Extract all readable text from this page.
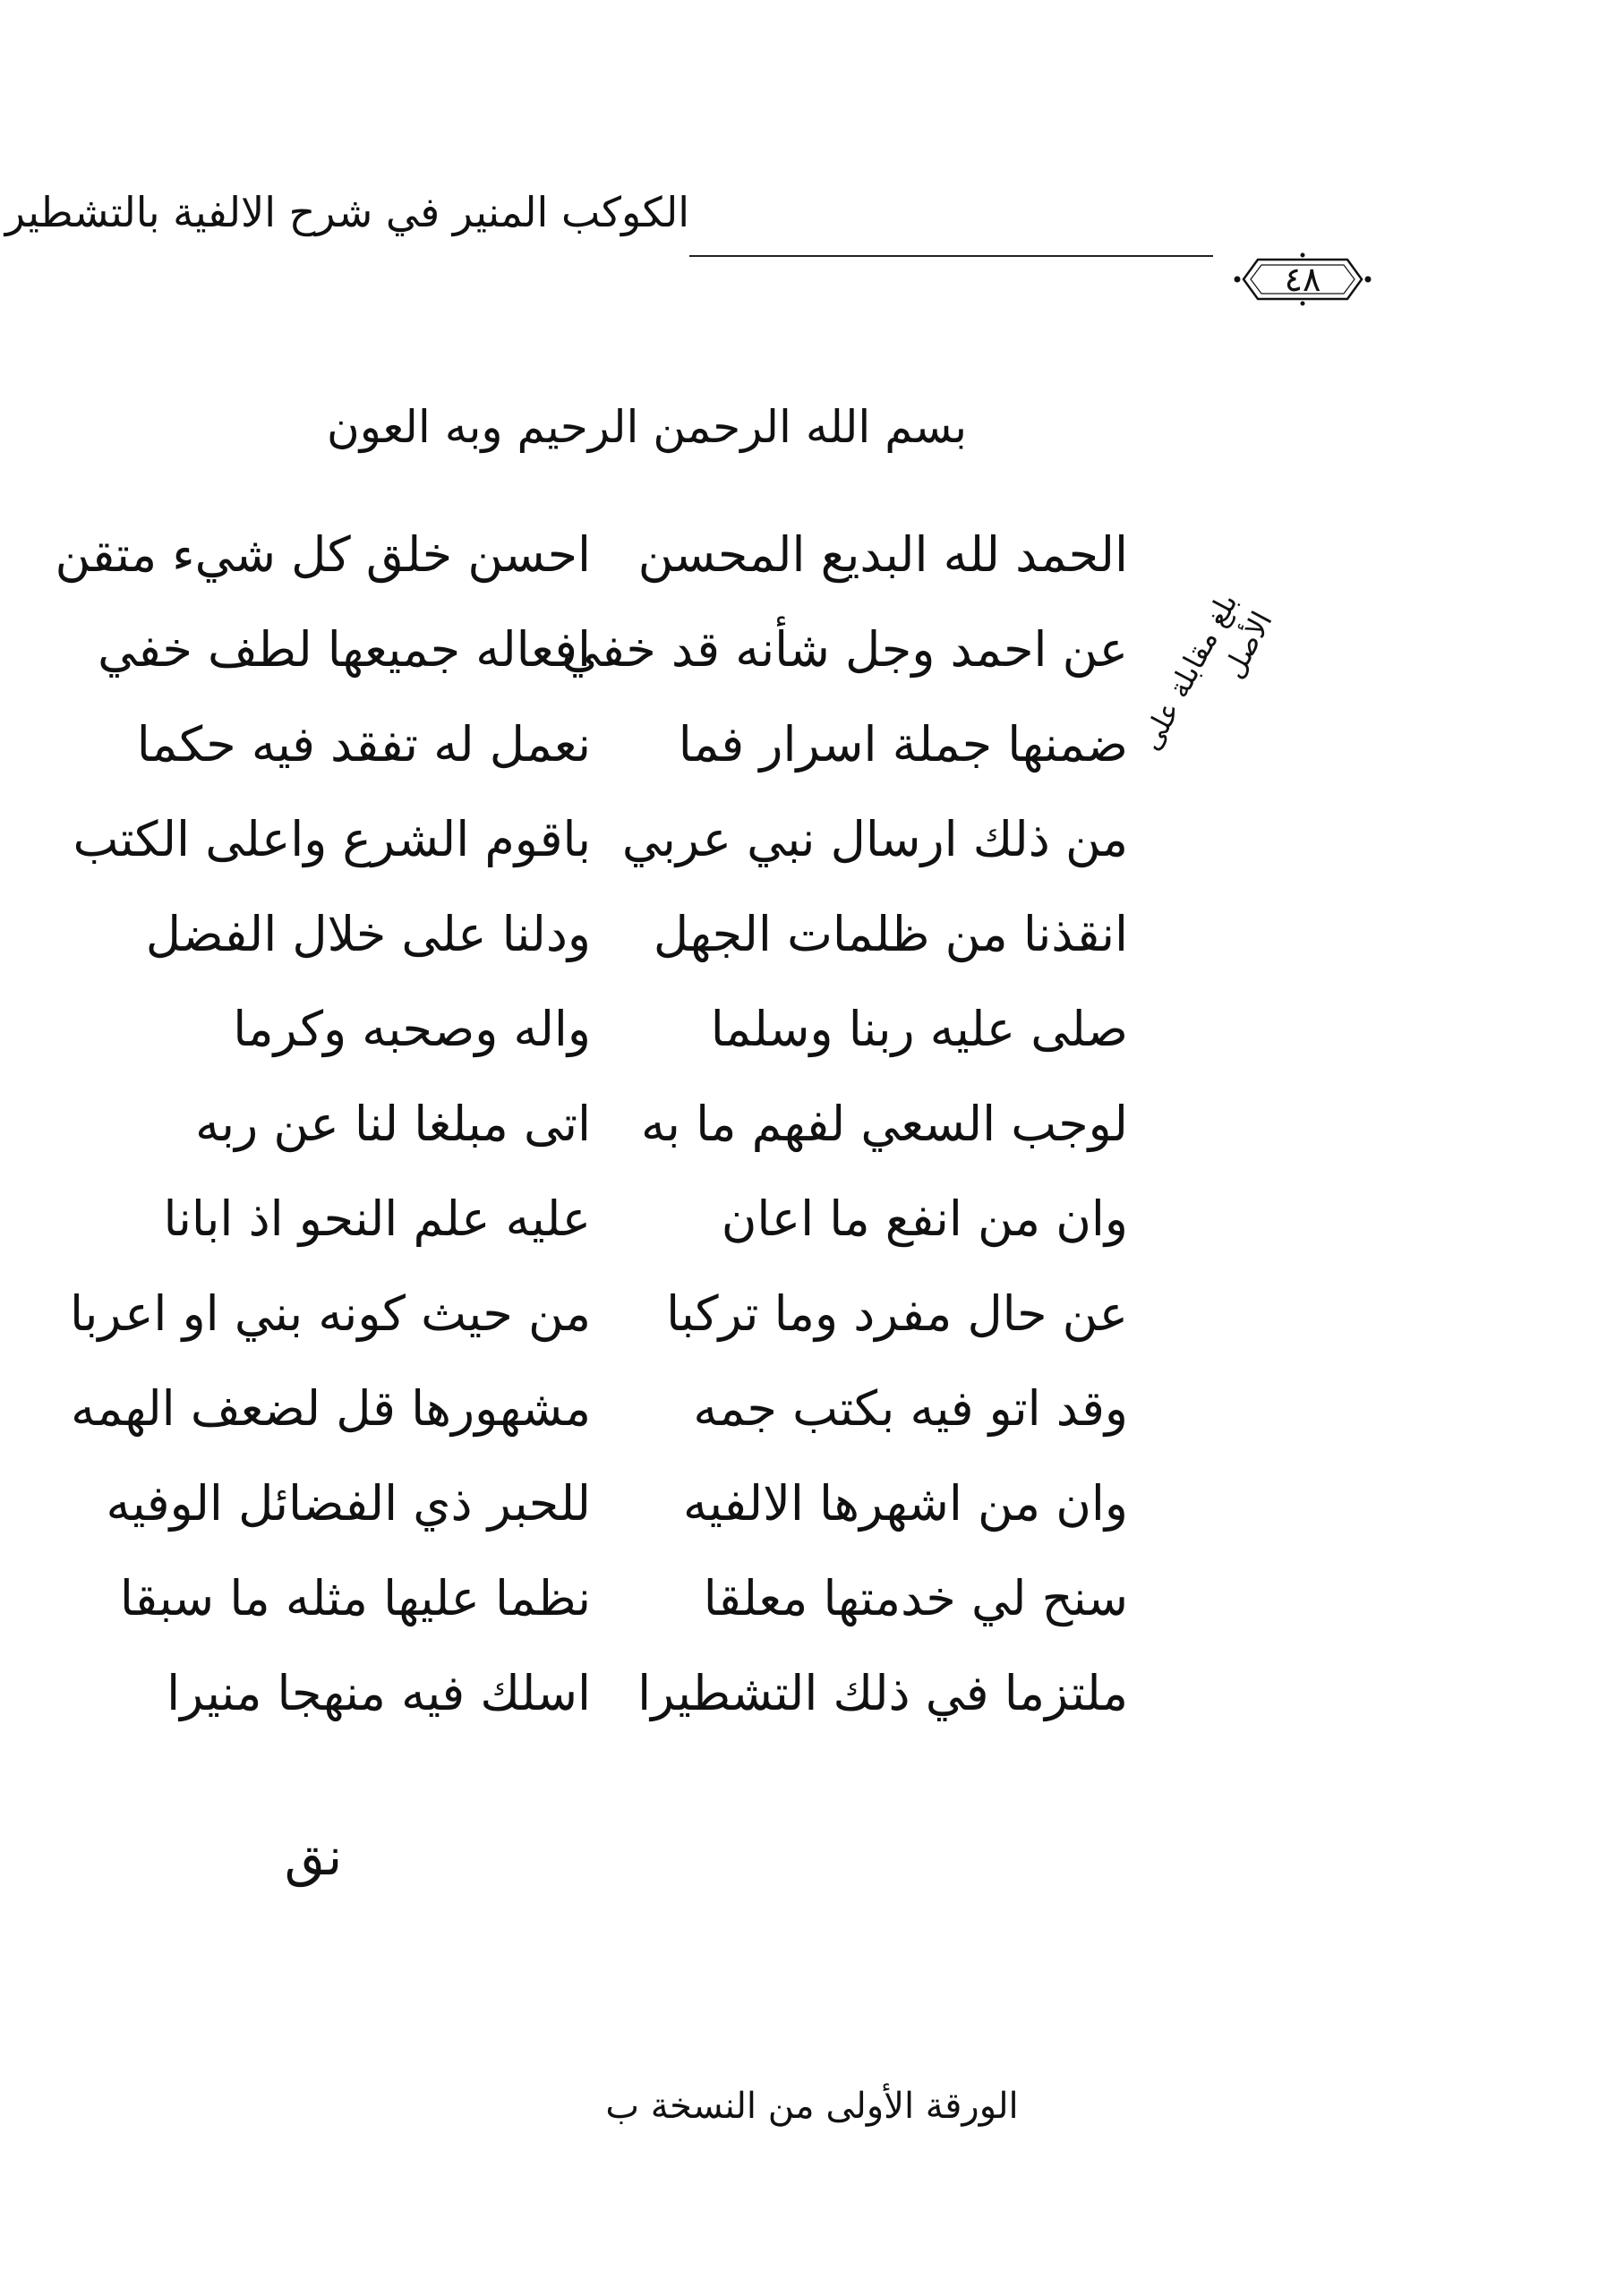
الكوكب المنير في شرح الالفية بالتشطير
٤٨
بسم الله الرحمن الرحيم وبه العون
الحمد لله البديع المحسن
احسن خلق كل شيء متقن
عن احمد وجل شأنه قد خفي
افعاله جميعها لطف خفي
ضمنها جملة اسرار فما
نعمل له تفقد فيه حكما
من ذلك ارسال نبي عربي
باقوم الشرع واعلى الكتب
انقذنا من ظلمات الجهل
ودلنا على خلال الفضل
صلى عليه ربنا وسلما
واله وصحبه وكرما
لوجب السعي لفهم ما به
اتى مبلغا لنا عن ربه
وان من انفع ما اعان
عليه علم النحو اذ ابانا
عن حال مفرد وما تركبا
من حيث كونه بني او اعربا
وقد اتو فيه بكتب جمه
مشهورها قل لضعف الهمه
وان من اشهرها الالفيه
للحبر ذي الفضائل الوفيه
سنح لي خدمتها معلقا
نظما عليها مثله ما سبقا
ملتزما في ذلك التشطيرا
اسلك فيه منهجا منيرا
بلغ مقابلة على الأصل
نق
الورقة الأولى من النسخة ب
